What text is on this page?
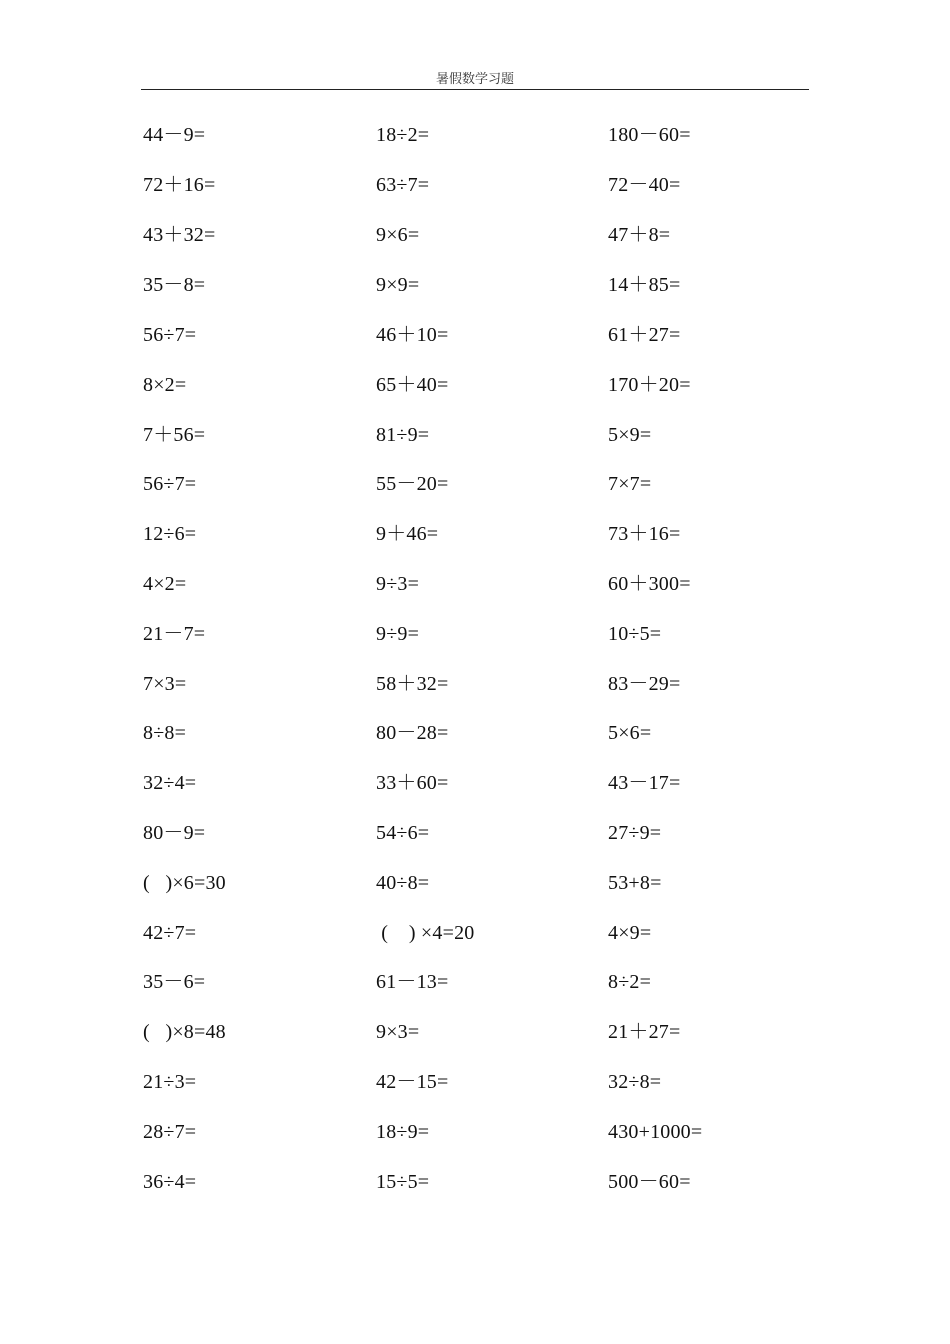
暑假数学习题
44－9=	18÷2=	180－60=
72＋16=	63÷7=	72－40=
43＋32=	9×6=	47＋8=
35－8=	9×9=	14＋85=
56÷7=	46＋10=	61＋27=
8×2=	65＋40=	170＋20=
7＋56=	81÷9=	5×9=
56÷7=	55－20=	7×7=
12÷6=	9＋46=	73＋16=
4×2=	9÷3=	60＋300=
21－7=	9÷9=	10÷5=
7×3=	58＋32=	83－29=
8÷8=	80－28=	5×6=
32÷4=	33＋60=	43－17=
80－9=	54÷6=	27÷9=
(   )×6=30	40÷8=	53+8=
42÷7=	(    ) ×4=20	4×9=
35－6=	61－13=	8÷2=
(   )×8=48	9×3=	21＋27=
21÷3=	42－15=	32÷8=
28÷7=	18÷9=	430+1000=
36÷4=	15÷5=	500－60=
